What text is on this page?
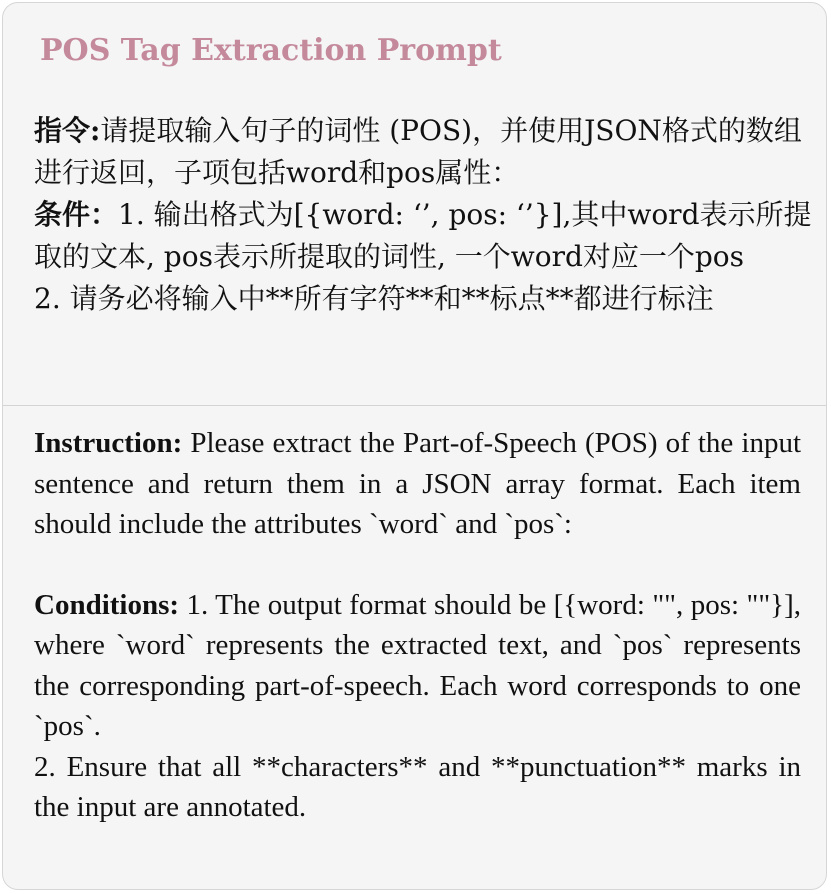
POS Tag Extraction Prompt

指令:请提取输入句子的词性 (POS)，并使用JSON格式的数组进行返回，子项包括word和pos属性：

条件：1. 输出格式为[{word: ‘’, pos: ‘’}],其中word表示所提取的文本, pos表示所提取的词性, 一个word对应一个pos

2. 请务必将输入中**所有字符**和**标点**都进行标注

Instruction: Please extract the Part-of-Speech (POS) of the input sentence and return them in a JSON array format. Each item should include the attributes `word` and `pos`:

Conditions: 1. The output format should be [{word: "", pos: ""}], where `word` represents the extracted text, and `pos` represents the corresponding part-of-speech. Each word corresponds to one `pos`.

2. Ensure that all **characters** and **punctuation** marks in the input are annotated.
